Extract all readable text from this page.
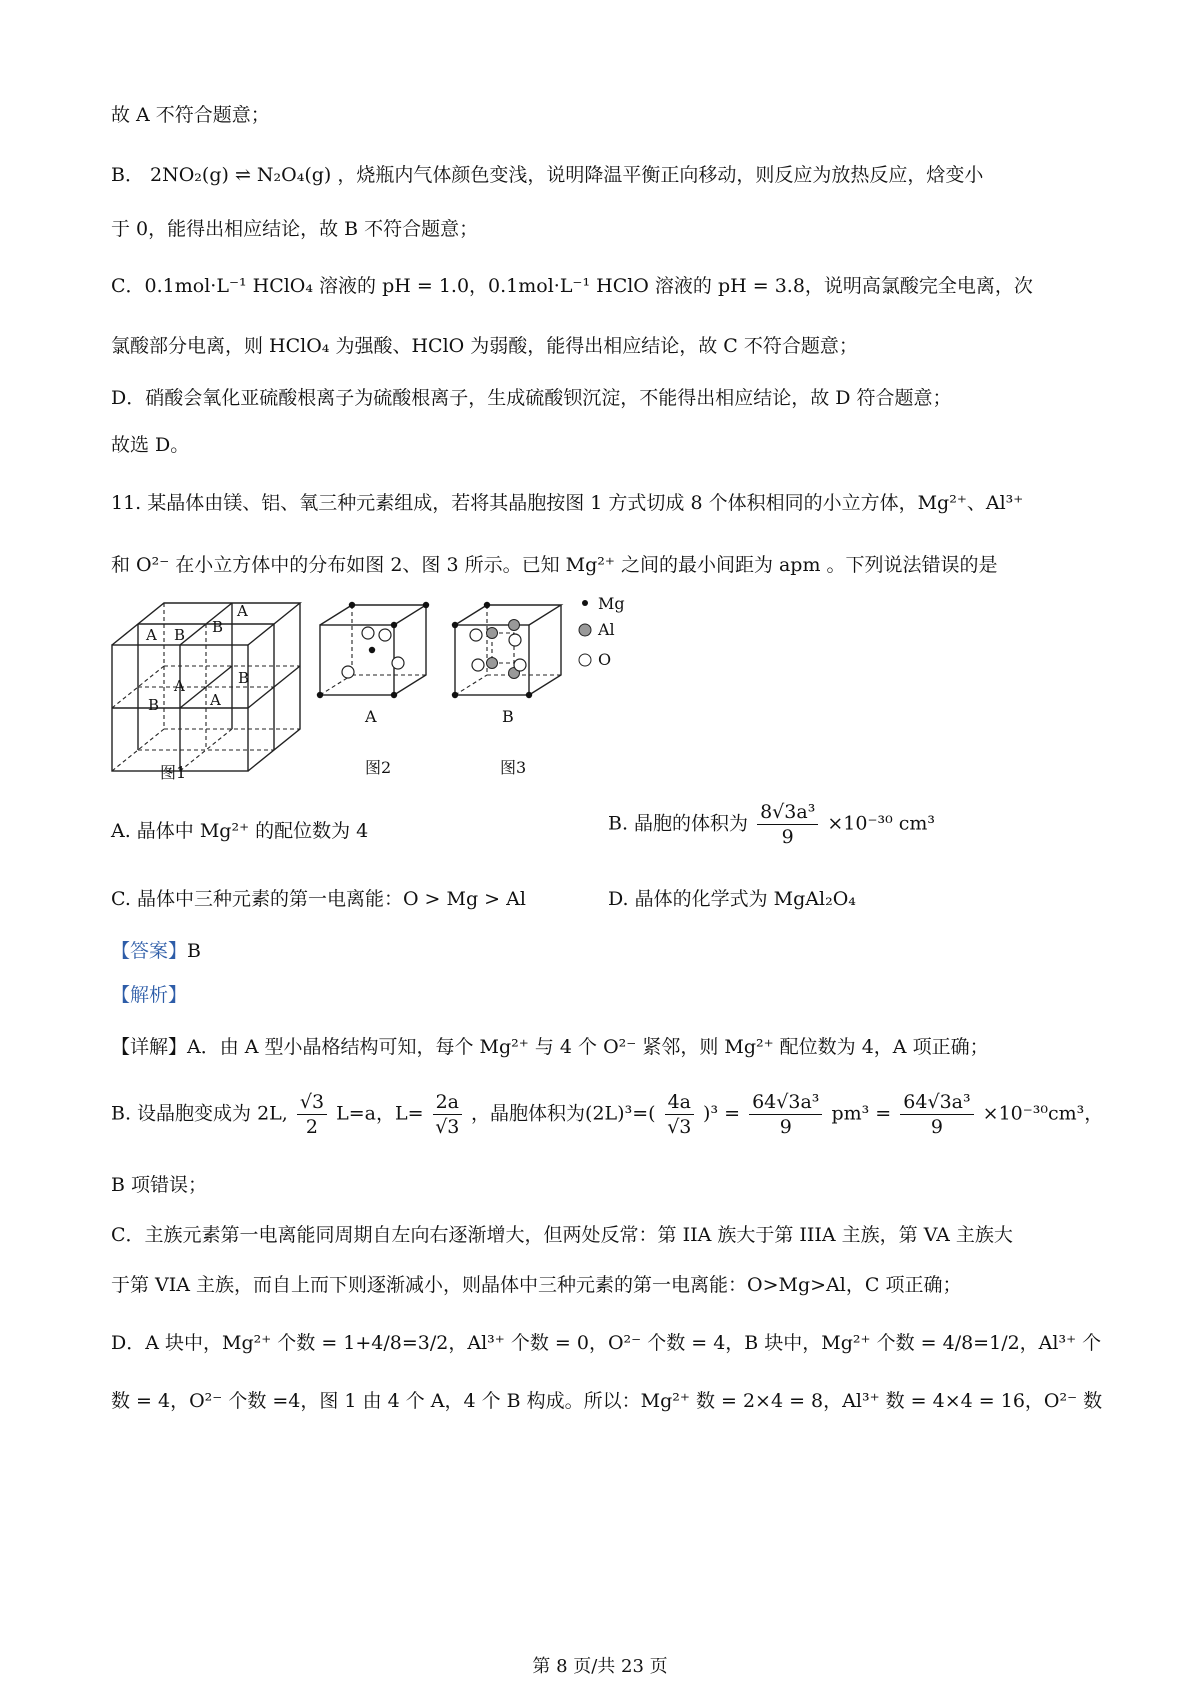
故 A 不符合题意；
B． 2NO₂(g) ⇌ N₂O₄(g) ，烧瓶内气体颜色变浅，说明降温平衡正向移动，则反应为放热反应，焓变小
于 0，能得出相应结论，故 B 不符合题意；
C．0.1mol·L⁻¹ HClO₄ 溶液的 pH = 1.0，0.1mol·L⁻¹ HClO 溶液的 pH = 3.8，说明高氯酸完全电离，次
氯酸部分电离，则 HClO₄ 为强酸、HClO 为弱酸，能得出相应结论，故 C 不符合题意；
D．硝酸会氧化亚硫酸根离子为硫酸根离子，生成硫酸钡沉淀，不能得出相应结论，故 D 符合题意；
故选 D。
11. 某晶体由镁、铝、氧三种元素组成，若将其晶胞按图 1 方式切成 8 个体积相同的小立方体，Mg²⁺、Al³⁺
和 O²⁻ 在小立方体中的分布如图 2、图 3 所示。已知 Mg²⁺ 之间的最小间距为 apm 。下列说法错误的是
B
A
A	B
A	B
B	A
Mg
Al
O
A	B
图1	图2	图3
A. 晶体中 Mg²⁺ 的配位数为 4	B. 晶胞的体积为 $\frac{\text{8√3a³}}{9} \times 10^{-30}$ cm³
C. 晶体中三种元素的第一电离能：O > Mg > Al	D. 晶体的化学式为 MgAl₂O₄
【答案】B
【解析】
【详解】A．由 A 型小晶格结构可知，每个 Mg²⁺ 与 4 个 O²⁻ 紧邻，则 Mg²⁺ 配位数为 4，A 项正确；
B. 设晶胞变成为 2L, $\frac{√3}{2} L=a$，$L= \frac{2a}{√3}$ ，晶胞体积为$(2L)^3=( \frac{4a}{√3} )^3 = \frac{\text{64√3a³}}{9} pm^3 = \frac{\text{64√3a³}}{9} \times 10^{-30}cm^3$，
B 项错误；
C．主族元素第一电离能同周期自左向右逐渐增大，但两处反常：第 IIA 族大于第 IIIA 主族，第 VA 主族大
于第 VIA 主族，而自上而下则逐渐减小，则晶体中三种元素的第一电离能：O>Mg>Al，C 项正确；
D．A 块中，Mg²⁺ 个数 = 1+4/8=3/2，Al³⁺ 个数 = 0，O²⁻ 个数 = 4，B 块中，Mg²⁺ 个数 = 4/8=1/2，Al³⁺ 个
数 = 4，O²⁻ 个数 =4，图 1 由 4 个 A，4 个 B 构成。所以：Mg²⁺ 数 = 2×4 = 8，Al³⁺ 数 = 4×4 = 16，O²⁻ 数
第 8 页/共 23 页
